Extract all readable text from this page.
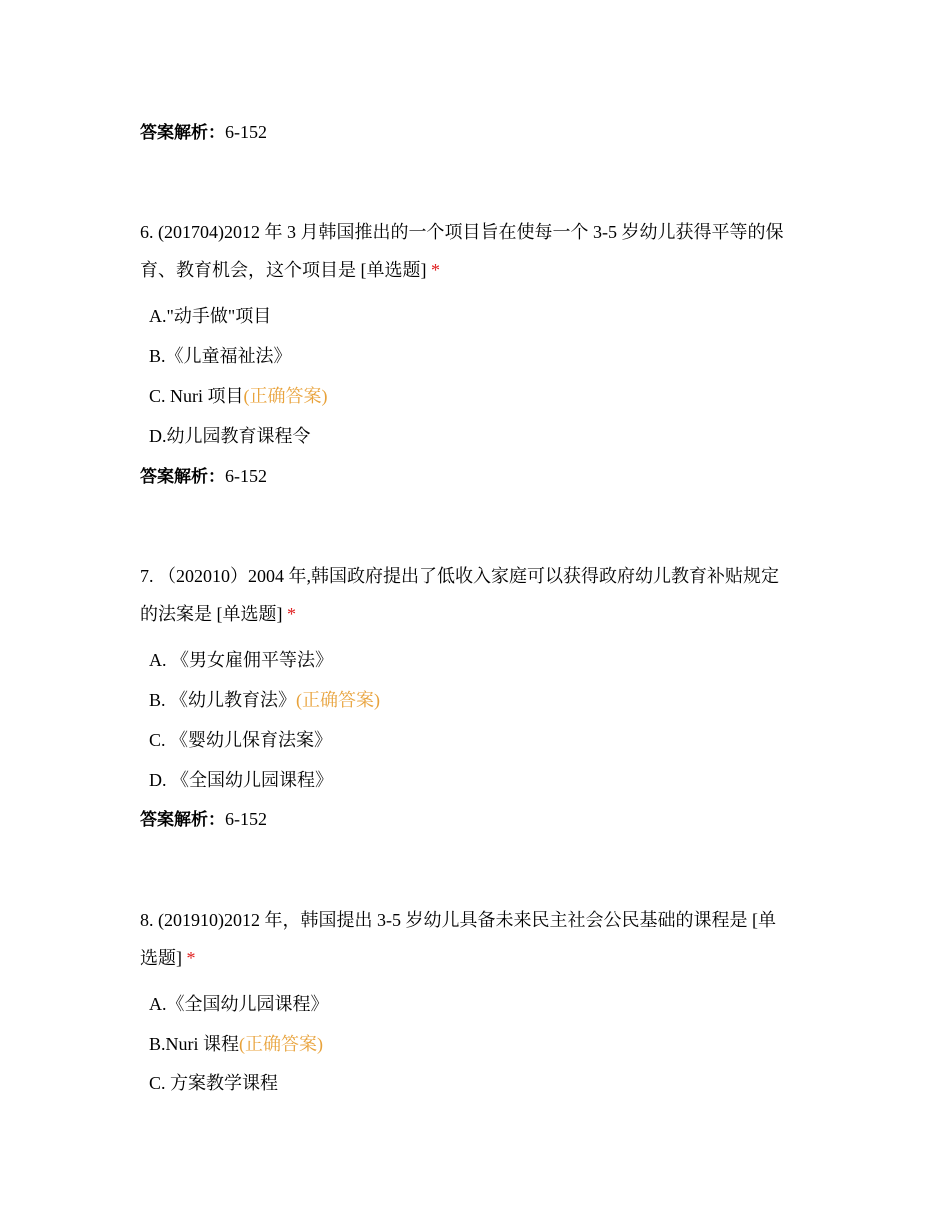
答案解析：6-152
6. (201704)2012 年 3 月韩国推出的一个项目旨在使每一个 3-5 岁幼儿获得平等的保
育、教育机会，这个项目是 [单选题] *
A."动手做"项目
B.《儿童福祉法》
C. Nuri 项目(正确答案)
D.幼儿园教育课程令
答案解析：6-152
7. （202010）2004 年,韩国政府提出了低收入家庭可以获得政府幼儿教育补贴规定
的法案是 [单选题] *
A. 《男女雇佣平等法》
B. 《幼儿教育法》(正确答案)
C. 《婴幼儿保育法案》
D. 《全国幼儿园课程》
答案解析：6-152
8. (201910)2012 年，韩国提出 3-5 岁幼儿具备未来民主社会公民基础的课程是 [单
选题] *
A.《全国幼儿园课程》
B.Nuri 课程(正确答案)
C. 方案教学课程
